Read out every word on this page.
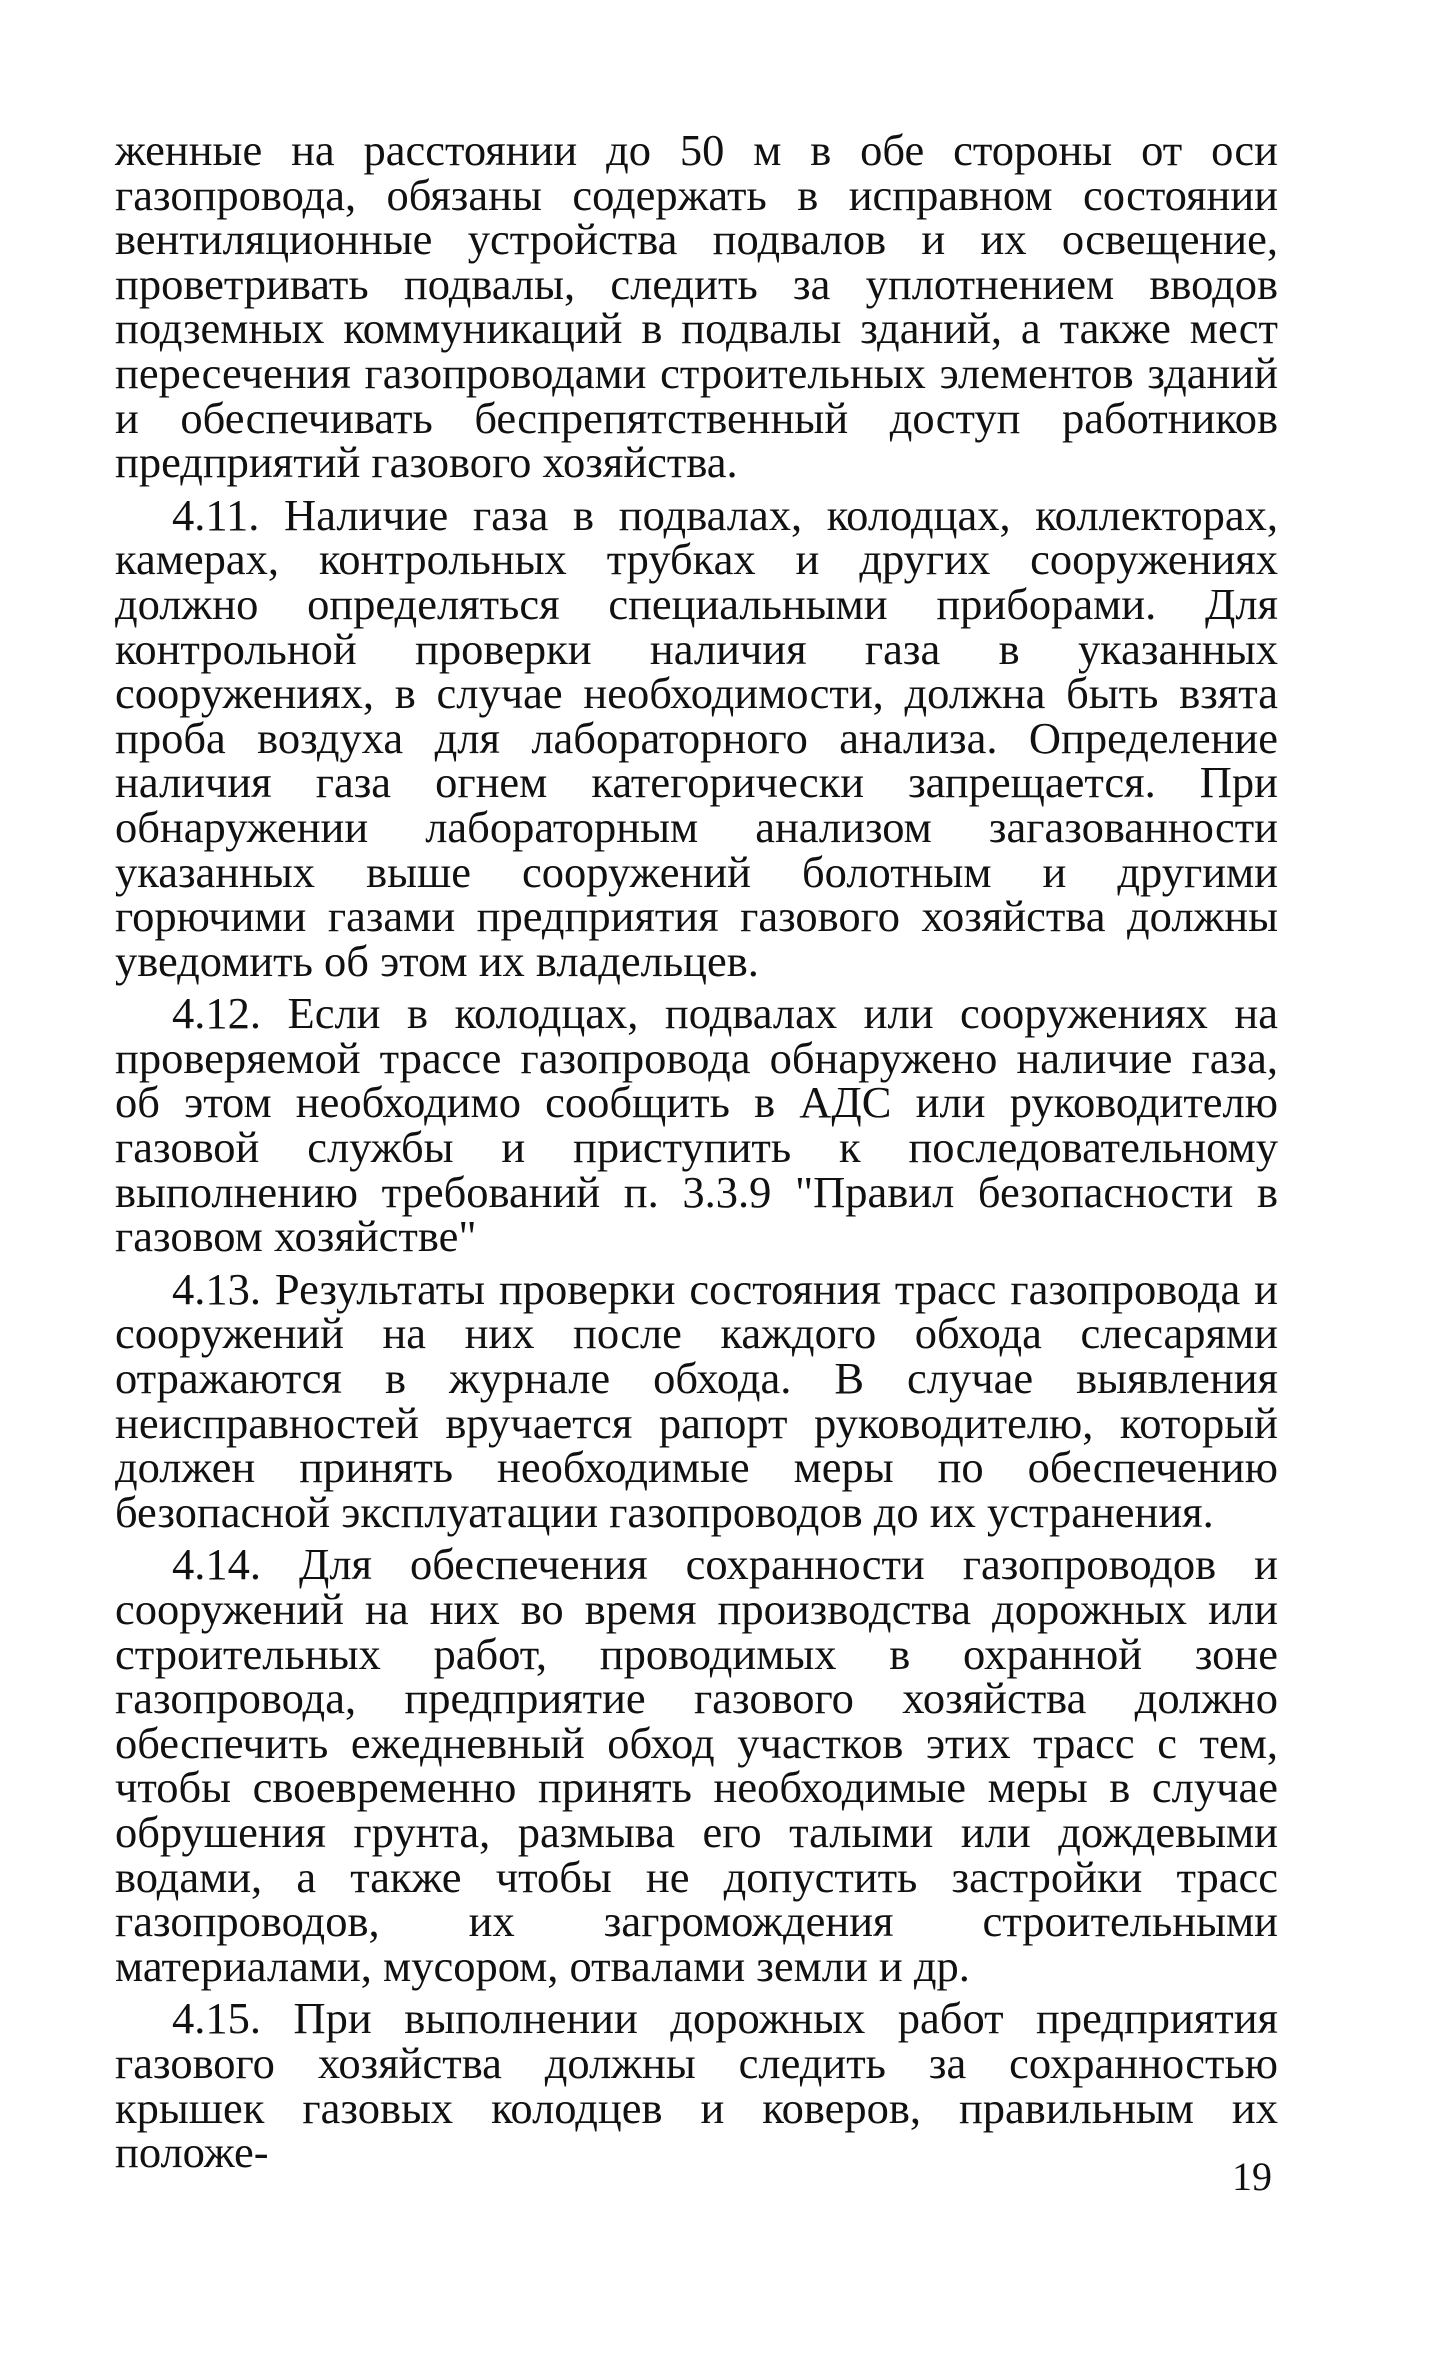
женные на расстоянии до 50 м в обе стороны от оси газопровода, обязаны содержать в исправном состоянии вентиляционные устройства подвалов и их освещение, проветривать подвалы, следить за уплотнением вводов подземных коммуникаций в подвалы зданий, а также мест пересечения газопроводами строительных элементов зданий и обеспечивать беспрепятственный доступ работников предприятий газового хозяйства.

4.11. Наличие газа в подвалах, колодцах, коллекторах, камерах, контрольных трубках и других сооружениях должно определяться специальными приборами. Для контрольной проверки наличия газа в указанных сооружениях, в случае необходимости, должна быть взята проба воздуха для лабораторного анализа. Определение наличия газа огнем категорически запрещается. При обнаружении лабораторным анализом загазованности указанных выше сооружений болотным и другими горючими газами предприятия газового хозяйства должны уведомить об этом их владельцев.

4.12. Если в колодцах, подвалах или сооружениях на проверяемой трассе газопровода обнаружено наличие газа, об этом необходимо сообщить в АДС или руководителю газовой службы и приступить к последовательному выполнению требований п. 3.3.9 "Правил безопасности в газовом хозяйстве"

4.13. Результаты проверки состояния трасс газопровода и сооружений на них после каждого обхода слесарями отражаются в журнале обхода. В случае выявления неисправностей вручается рапорт руководителю, который должен принять необходимые меры по обеспечению безопасной эксплуатации газопроводов до их устранения.

4.14. Для обеспечения сохранности газопроводов и сооружений на них во время производства дорожных или строительных работ, проводимых в охранной зоне газопровода, предприятие газового хозяйства должно обеспечить ежедневный обход участков этих трасс с тем, чтобы своевременно принять необходимые меры в случае обрушения грунта, размыва его талыми или дождевыми водами, а также чтобы не допустить застройки трасс газопроводов, их загромождения строительными материалами, мусором, отвалами земли и др.

4.15. При выполнении дорожных работ предприятия газового хозяйства должны следить за сохранностью крышек газовых колодцев и коверов, правильным их положе-	19
